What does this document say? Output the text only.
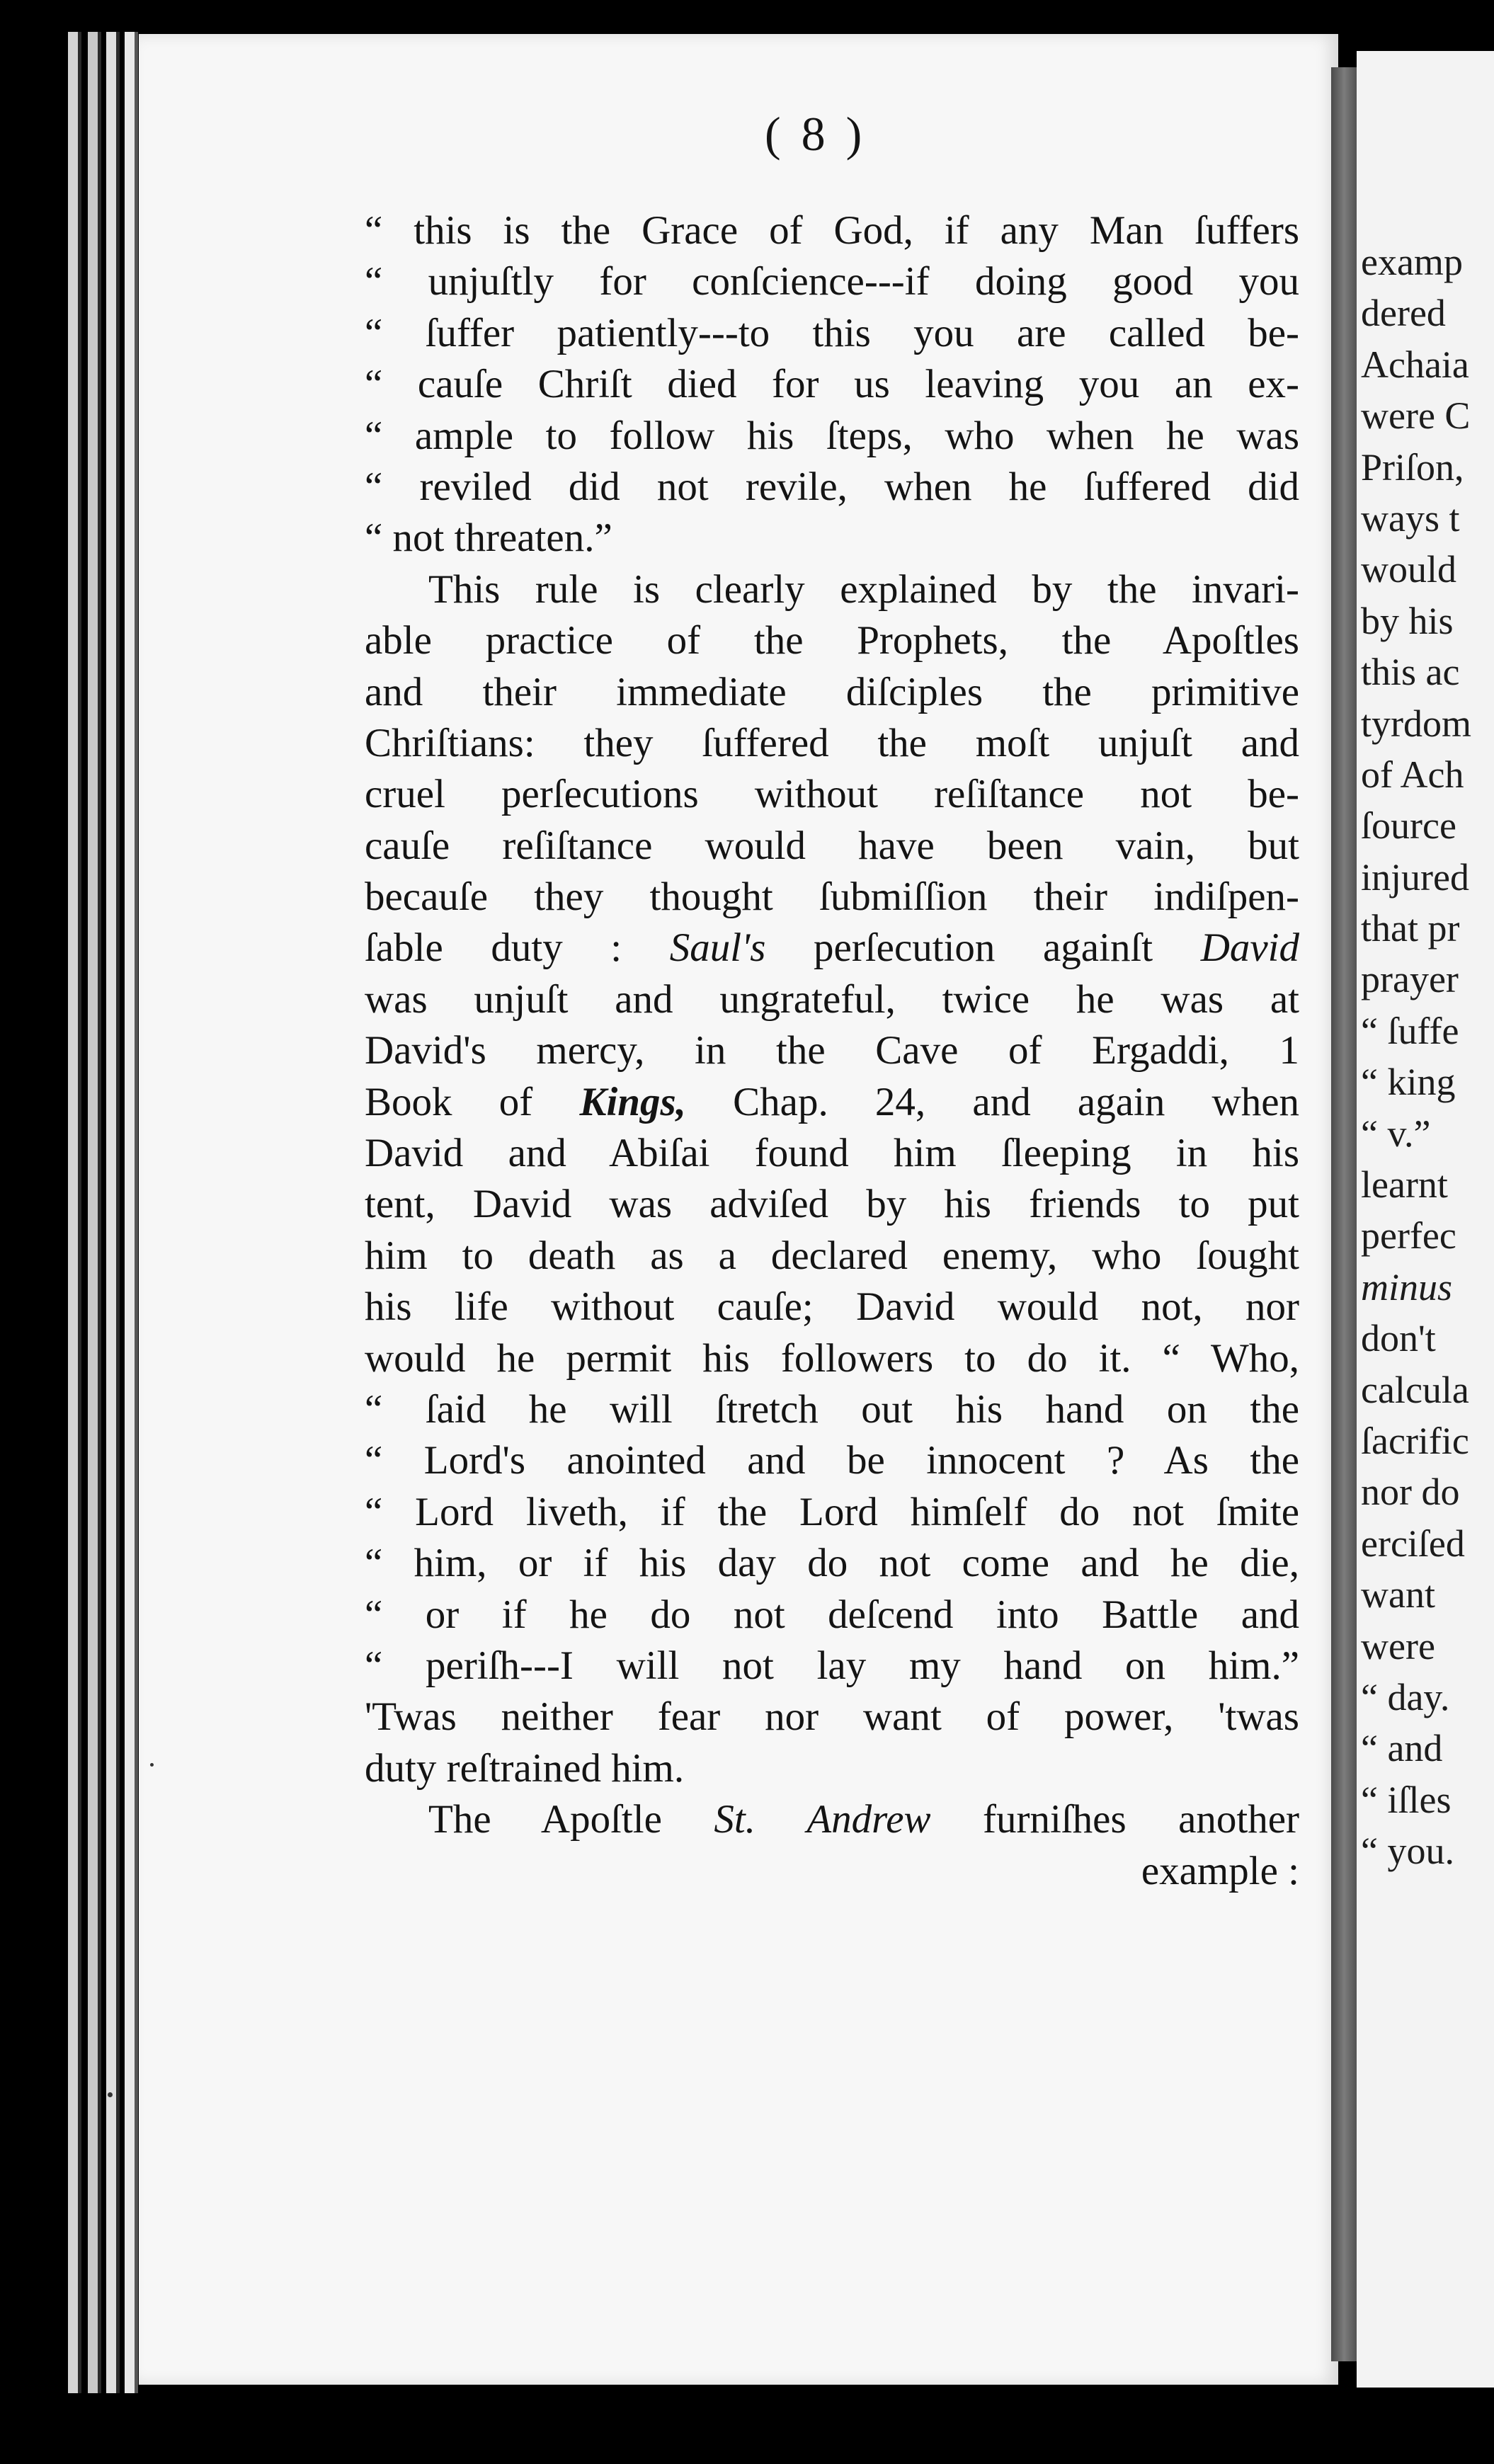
examp
dered
Achaia
were C
Priſon,
ways t
would
by his
this ac
tyrdom
of Ach
ſource
injured
that pr
prayer
“ ſuffe
“ king
“ v.”
learnt
perfec
minus
don't
calcula
ſacrific
nor do
erciſed
want
were
“ day.
“ and
“ iſles
“ you.
( 8 )
“ this is the Grace of God, if any Man ſuffers
“ unjuſtly for conſcience---if doing good you
“ ſuffer patiently---to this you are called be-
“ cauſe Chriſt died for us leaving you an ex-
“ ample to follow his ſteps, who when he was
“ reviled did not revile, when he ſuffered did
“ not threaten.”
This rule is clearly explained by the invari-
able practice of the Prophets, the Apoſtles
and their immediate diſciples the primitive
Chriſtians: they ſuffered the moſt unjuſt and
cruel perſecutions without reſiſtance not be-
cauſe reſiſtance would have been vain, but
becauſe they thought ſubmiſſion their indiſpen-
ſable duty : Saul's perſecution againſt David
was unjuſt and ungrateful, twice he was at
David's mercy, in the Cave of Ergaddi, 1
Book of Kings, Chap. 24, and again when
David and Abiſai found him ſleeping in his
tent, David was adviſed by his friends to put
him to death as a declared enemy, who ſought
his life without cauſe; David would not, nor
would he permit his followers to do it. “ Who,
“ ſaid he will ſtretch out his hand on the
“ Lord's anointed and be innocent ? As the
“ Lord liveth, if the Lord himſelf do not ſmite
“ him, or if his day do not come and he die,
“ or if he do not deſcend into Battle and
“ periſh---I will not lay my hand on him.”
'Twas neither fear nor want of power, 'twas
duty reſtrained him.
The Apoſtle St. Andrew furniſhes another
example :
